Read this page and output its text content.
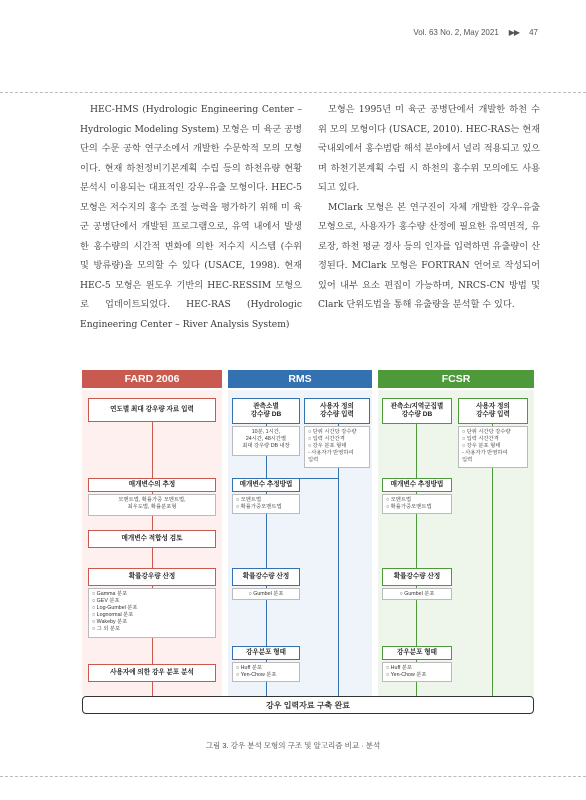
Vol. 63 No. 2, May 2021 ▶▶ 47

HEC-HMS (Hydrologic Engineering Center – Hydrologic Modeling System) 모형은 미 육군 공병단의 수문 공학 연구소에서 개발한 수문학적 모의 모형이다. 현재 하천정비기본계획 수립 등의 하천유량 현황 분석시 이용되는 대표적인 강우-유출 모형이다. HEC-5 모형은 저수지의 홍수 조절 능력을 평가하기 위해 미 육군 공병단에서 개발된 프로그램으로, 유역 내에서 발생한 홍수량의 시간적 변화에 의한 저수지 시스템 (수위 및 방류량)을 모의할 수 있다 (USACE, 1998). 현재 HEC-5 모형은 윈도우 기반의 HEC-RESSIM 모형으로 업데이트되었다. HEC-RAS (Hydrologic Engineering Center – River Analysis System)

모형은 1995년 미 육군 공병단에서 개발한 하천 수위 모의 모형이다 (USACE, 2010). HEC-RAS는 현재 국내외에서 홍수범람 해석 분야에서 널리 적용되고 있으며 하천기본계획 수립 시 하천의 홍수위 모의에도 사용되고 있다.

MClark 모형은 본 연구진이 자체 개발한 강우-유출 모형으로, 사용자가 홍수량 산정에 필요한 유역면적, 유로장, 하천 평균 경사 등의 인자를 입력하면 유출량이 산정된다. MClark 모형은 FORTRAN 언어로 작성되어 있어 내부 요소 편집이 가능하며, NRCS-CN 방법 및 Clark 단위도법을 통해 유출량을 분석할 수 있다.

FARD 2006	RMS	FCSR
연도별 최대 강우량 자료 입력
매개변수의 추정
모멘트법, 확률가중 모멘트법,
최우도법, 확률분포형
매개변수 적합성 검토
확률강우량 산정
○ Gamma 분포
○ GEV 분포
○ Log-Gumbel 분포
○ Lognormal 분포
○ Wakeby 분포
○ 그 외 분포
사용자에 의한 강우 분포 분석
관측소별
강수량 DB
10분, 1시간,
24시간, 48시간별
최대 강우량 DB 내장
사용자 정의
강수량 입력
○ 단위 시간당 강수량
○ 입력 시간간격
○ 강우 분포 형태
- 사용자가 반영하여
입력
매개변수 추정방법
○ 모멘트법
○ 확률가중모멘트법
확률강수량 산정
○ Gumbel 분포
강우분포 형태
○ Huff 분포
○ Yen-Chow 분포
관측소/지역군집별
강수량 DB
사용자 정의
강수량 입력
○ 단위 시간당 강수량
○ 입력 시간간격
○ 강우 분포 형태
- 사용자가 반영하여
입력
매개변수 추정방법
○ 모멘트법
○ 확률가중모멘트법
확률강수량 산정
○ Gumbel 분포
강우분포 형태
○ Huff 분포
○ Yen-Chow 분포
강우 입력자료 구축 완료
그림 3. 강우 분석 모형의 구조 및 알고리즘 비교 · 분석
